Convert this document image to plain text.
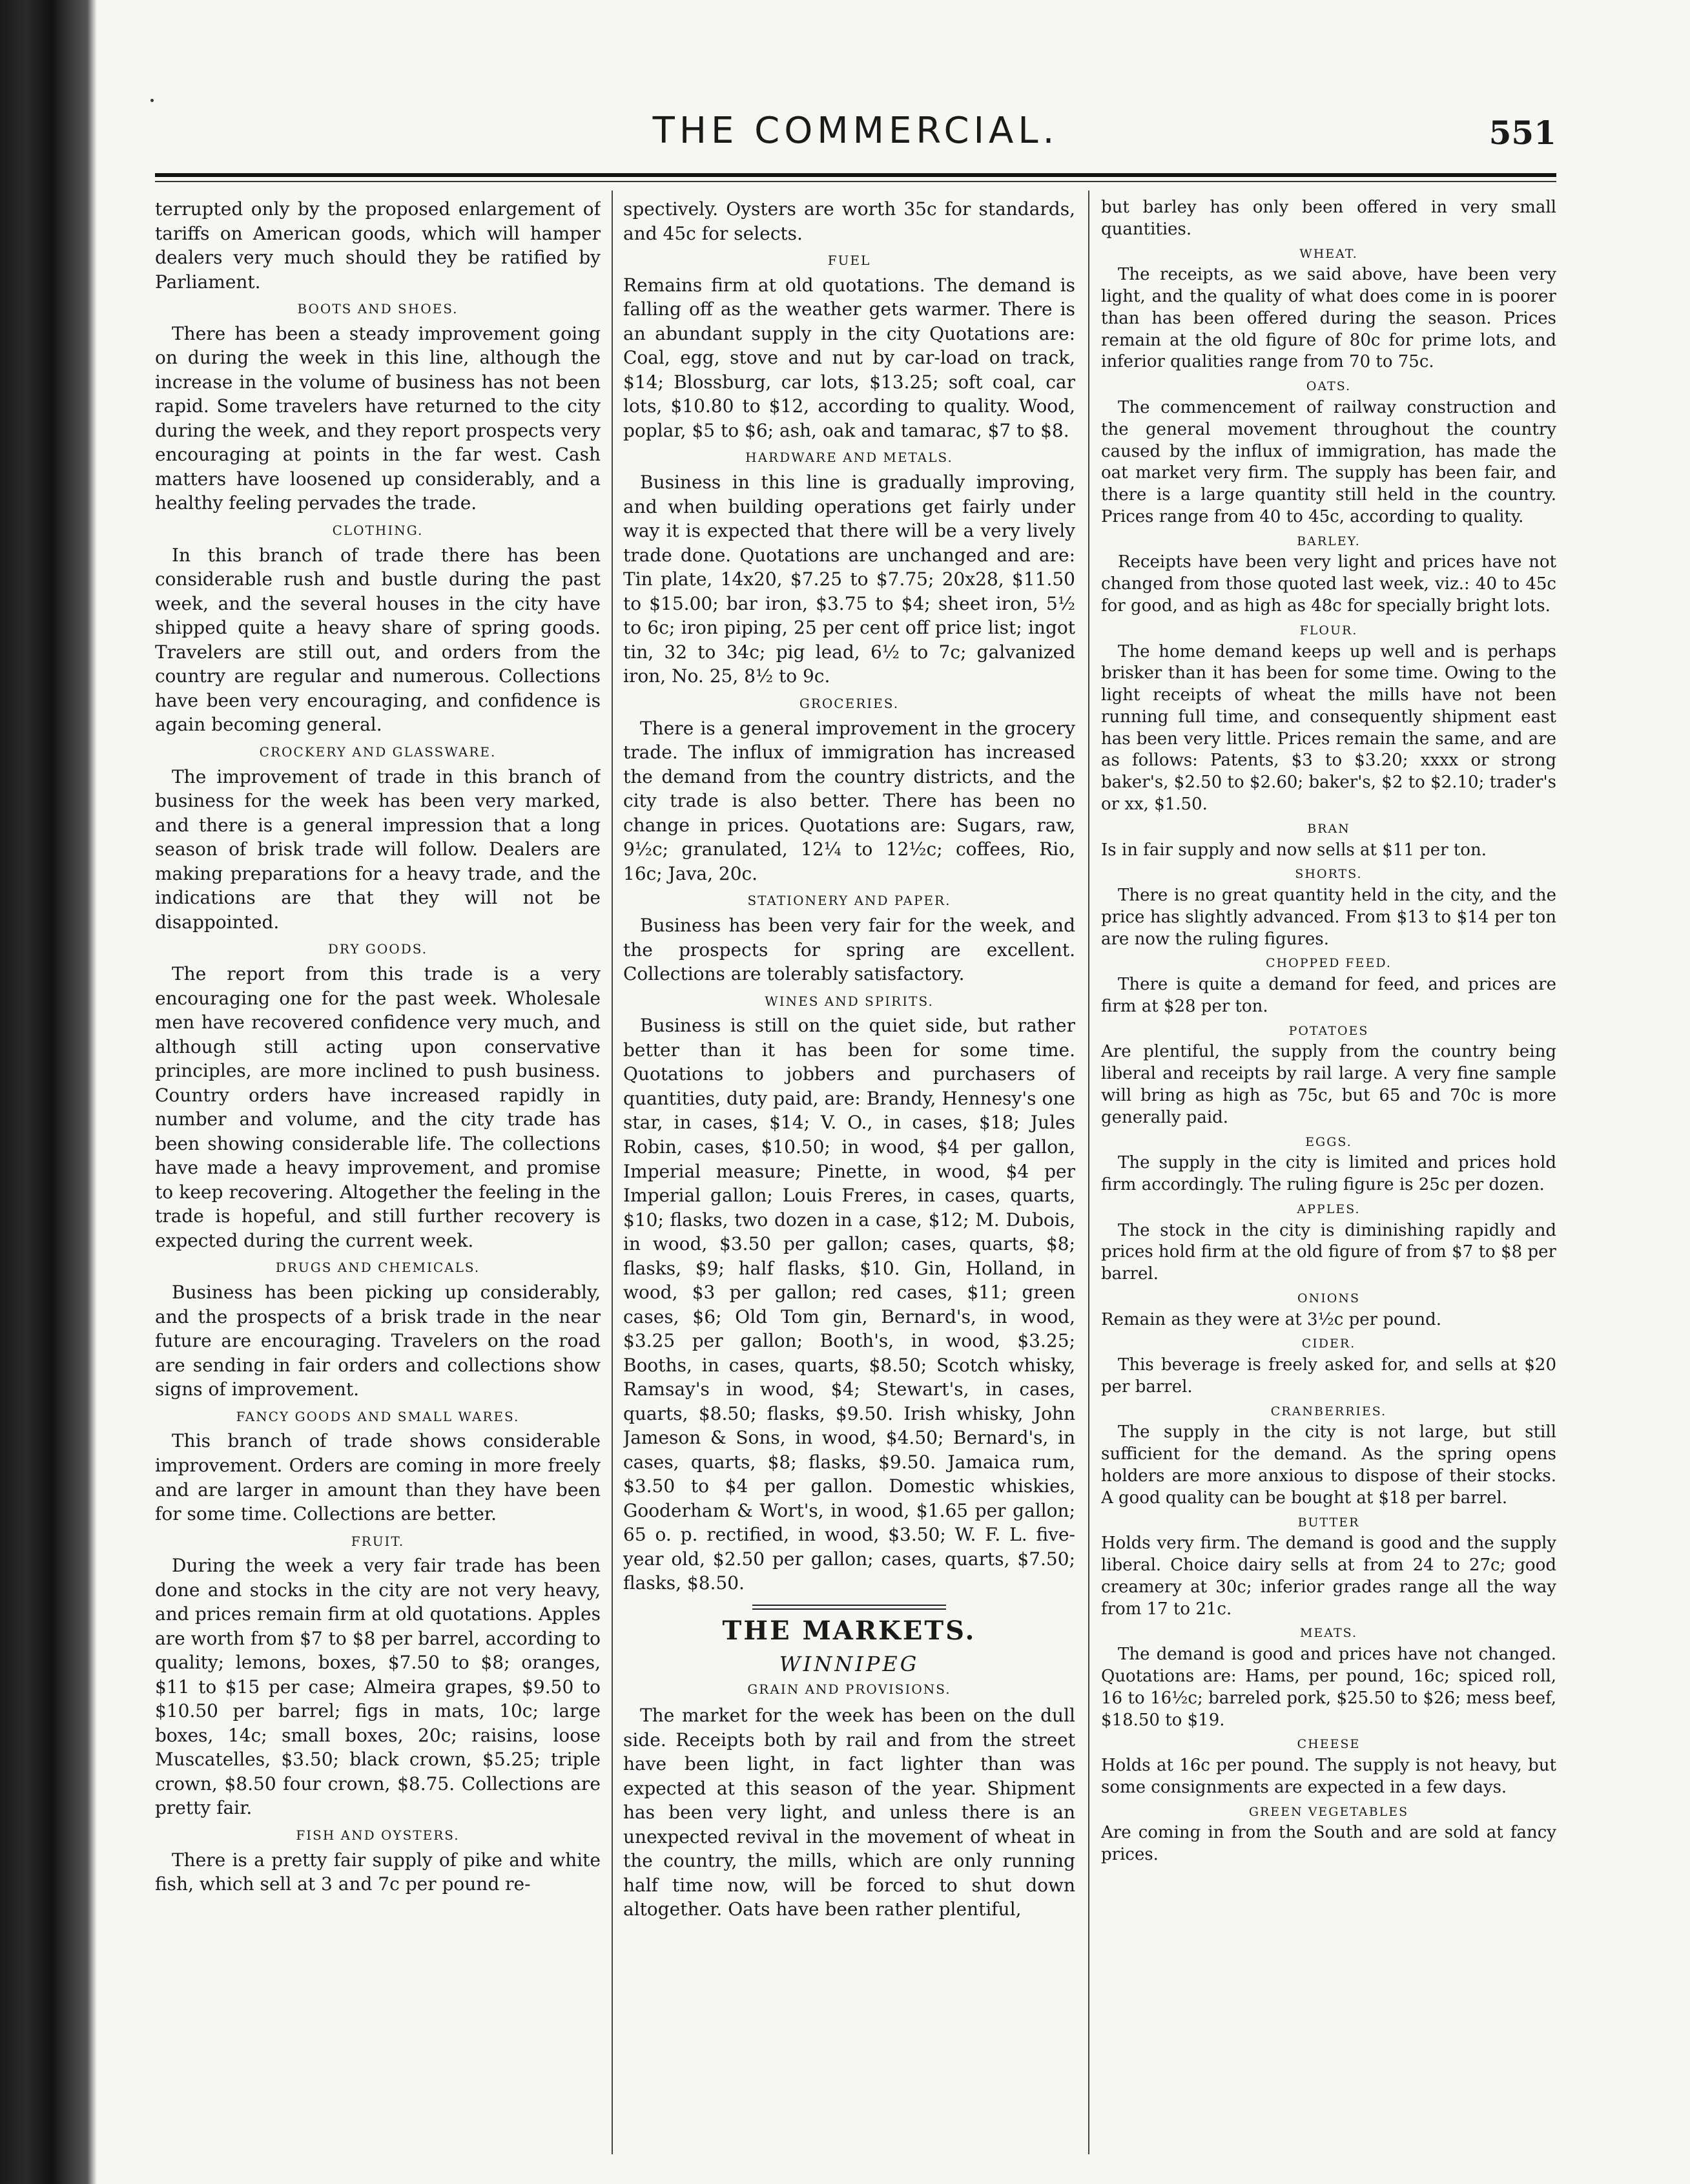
THE COMMERCIAL.	551

terrupted only by the proposed enlargement of tariffs on American goods, which will hamper dealers very much should they be ratified by Parliament.

BOOTS AND SHOES.

There has been a steady improvement going on during the week in this line, although the increase in the volume of business has not been rapid. Some travelers have returned to the city during the week, and they report prospects very encouraging at points in the far west. Cash matters have loosened up considerably, and a healthy feeling pervades the trade.

CLOTHING.

In this branch of trade there has been considerable rush and bustle during the past week, and the several houses in the city have shipped quite a heavy share of spring goods. Travelers are still out, and orders from the country are regular and numerous. Collections have been very encouraging, and confidence is again becoming general.

CROCKERY AND GLASSWARE.

The improvement of trade in this branch of business for the week has been very marked, and there is a general impression that a long season of brisk trade will follow. Dealers are making preparations for a heavy trade, and the indications are that they will not be disappointed.

DRY GOODS.

The report from this trade is a very encouraging one for the past week. Wholesale men have recovered confidence very much, and although still acting upon conservative principles, are more inclined to push business. Country orders have increased rapidly in number and volume, and the city trade has been showing considerable life. The collections have made a heavy improvement, and promise to keep recovering. Altogether the feeling in the trade is hopeful, and still further recovery is expected during the current week.

DRUGS AND CHEMICALS.

Business has been picking up considerably, and the prospects of a brisk trade in the near future are encouraging. Travelers on the road are sending in fair orders and collections show signs of improvement.

FANCY GOODS AND SMALL WARES.

This branch of trade shows considerable improvement. Orders are coming in more freely and are larger in amount than they have been for some time. Collections are better.

FRUIT.

During the week a very fair trade has been done and stocks in the city are not very heavy, and prices remain firm at old quotations. Apples are worth from $7 to $8 per barrel, according to quality; lemons, boxes, $7.50 to $8; oranges, $11 to $15 per case; Almeira grapes, $9.50 to $10.50 per barrel; figs in mats, 10c; large boxes, 14c; small boxes, 20c; raisins, loose Muscatelles, $3.50; black crown, $5.25; triple crown, $8.50 four crown, $8.75. Collections are pretty fair.

FISH AND OYSTERS.

There is a pretty fair supply of pike and white fish, which sell at 3 and 7c per pound re-

spectively. Oysters are worth 35c for standards, and 45c for selects.

FUEL

Remains firm at old quotations. The demand is falling off as the weather gets warmer. There is an abundant supply in the city Quotations are: Coal, egg, stove and nut by car-load on track, $14; Blossburg, car lots, $13.25; soft coal, car lots, $10.80 to $12, according to quality. Wood, poplar, $5 to $6; ash, oak and tamarac, $7 to $8.

HARDWARE AND METALS.

Business in this line is gradually improving, and when building operations get fairly under way it is expected that there will be a very lively trade done. Quotations are unchanged and are: Tin plate, 14x20, $7.25 to $7.75; 20x28, $11.50 to $15.00; bar iron, $3.75 to $4; sheet iron, 5½ to 6c; iron piping, 25 per cent off price list; ingot tin, 32 to 34c; pig lead, 6½ to 7c; galvanized iron, No. 25, 8½ to 9c.

GROCERIES.

There is a general improvement in the grocery trade. The influx of immigration has increased the demand from the country districts, and the city trade is also better. There has been no change in prices. Quotations are: Sugars, raw, 9½c; granulated, 12¼ to 12½c; coffees, Rio, 16c; Java, 20c.

STATIONERY AND PAPER.

Business has been very fair for the week, and the prospects for spring are excellent. Collections are tolerably satisfactory.

WINES AND SPIRITS.

Business is still on the quiet side, but rather better than it has been for some time. Quotations to jobbers and purchasers of quantities, duty paid, are: Brandy, Hennesy's one star, in cases, $14; V. O., in cases, $18; Jules Robin, cases, $10.50; in wood, $4 per gallon, Imperial measure; Pinette, in wood, $4 per Imperial gallon; Louis Freres, in cases, quarts, $10; flasks, two dozen in a case, $12; M. Dubois, in wood, $3.50 per gallon; cases, quarts, $8; flasks, $9; half flasks, $10. Gin, Holland, in wood, $3 per gallon; red cases, $11; green cases, $6; Old Tom gin, Bernard's, in wood, $3.25 per gallon; Booth's, in wood, $3.25; Booths, in cases, quarts, $8.50; Scotch whisky, Ramsay's in wood, $4; Stewart's, in cases, quarts, $8.50; flasks, $9.50. Irish whisky, John Jameson & Sons, in wood, $4.50; Bernard's, in cases, quarts, $8; flasks, $9.50. Jamaica rum, $3.50 to $4 per gallon. Domestic whiskies, Gooderham & Wort's, in wood, $1.65 per gallon; 65 o. p. rectified, in wood, $3.50; W. F. L. five-year old, $2.50 per gallon; cases, quarts, $7.50; flasks, $8.50.

THE MARKETS.
WINNIPEG
GRAIN AND PROVISIONS.

The market for the week has been on the dull side. Receipts both by rail and from the street have been light, in fact lighter than was expected at this season of the year. Shipment has been very light, and unless there is an unexpected revival in the movement of wheat in the country, the mills, which are only running half time now, will be forced to shut down altogether. Oats have been rather plentiful,

but barley has only been offered in very small quantities.

WHEAT.

The receipts, as we said above, have been very light, and the quality of what does come in is poorer than has been offered during the season. Prices remain at the old figure of 80c for prime lots, and inferior qualities range from 70 to 75c.

OATS.

The commencement of railway construction and the general movement throughout the country caused by the influx of immigration, has made the oat market very firm. The supply has been fair, and there is a large quantity still held in the country. Prices range from 40 to 45c, according to quality.

BARLEY.

Receipts have been very light and prices have not changed from those quoted last week, viz.: 40 to 45c for good, and as high as 48c for specially bright lots.

FLOUR.

The home demand keeps up well and is perhaps brisker than it has been for some time. Owing to the light receipts of wheat the mills have not been running full time, and consequently shipment east has been very little. Prices remain the same, and are as follows: Patents, $3 to $3.20; xxxx or strong baker's, $2.50 to $2.60; baker's, $2 to $2.10; trader's or xx, $1.50.

BRAN

Is in fair supply and now sells at $11 per ton.

SHORTS.

There is no great quantity held in the city, and the price has slightly advanced. From $13 to $14 per ton are now the ruling figures.

CHOPPED FEED.

There is quite a demand for feed, and prices are firm at $28 per ton.

POTATOES

Are plentiful, the supply from the country being liberal and receipts by rail large. A very fine sample will bring as high as 75c, but 65 and 70c is more generally paid.

EGGS.

The supply in the city is limited and prices hold firm accordingly. The ruling figure is 25c per dozen.

APPLES.

The stock in the city is diminishing rapidly and prices hold firm at the old figure of from $7 to $8 per barrel.

ONIONS

Remain as they were at 3½c per pound.

CIDER.

This beverage is freely asked for, and sells at $20 per barrel.

CRANBERRIES.

The supply in the city is not large, but still sufficient for the demand. As the spring opens holders are more anxious to dispose of their stocks. A good quality can be bought at $18 per barrel.

BUTTER

Holds very firm. The demand is good and the supply liberal. Choice dairy sells at from 24 to 27c; good creamery at 30c; inferior grades range all the way from 17 to 21c.

MEATS.

The demand is good and prices have not changed. Quotations are: Hams, per pound, 16c; spiced roll, 16 to 16½c; barreled pork, $25.50 to $26; mess beef, $18.50 to $19.

CHEESE

Holds at 16c per pound. The supply is not heavy, but some consignments are expected in a few days.

GREEN VEGETABLES

Are coming in from the South and are sold at fancy prices.
